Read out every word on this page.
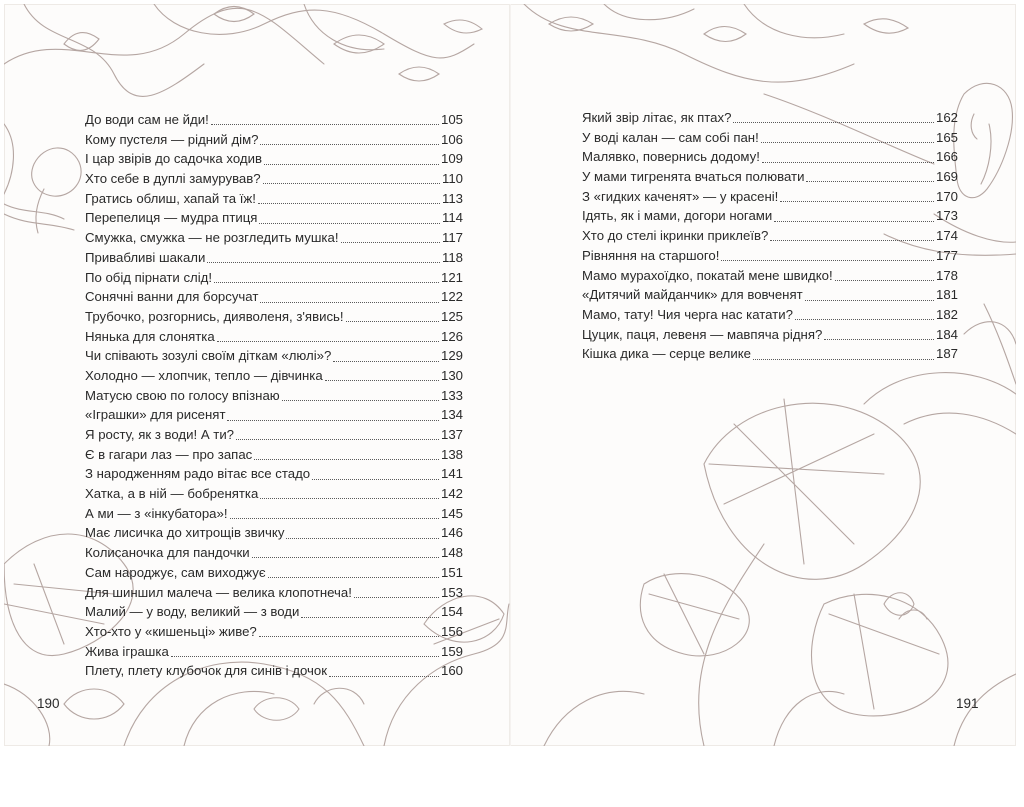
До води сам не йди!	105
Кому пустеля — рідний дім?	106
І цар звірів до садочка ходив	109
Хто себе в дуплі замурував?	110
Гратись облиш, хапай та їж!	113
Перепелиця — мудра птиця	114
Смужка, смужка — не розгледить мушка!	117
Привабливі шакали	118
По обід пірнати слід!	121
Сонячні ванни для борсучат	122
Трубочко, розгорнись, дияволеня, з'явись!	125
Нянька для слонятка	126
Чи співають зозулі своїм діткам «люлі»?	129
Холодно — хлопчик, тепло — дівчинка	130
Матусю свою по голосу впізнаю	133
«Іграшки» для рисенят	134
Я росту, як з води! А ти?	137
Є в гагари лаз — про запас	138
З народженням радо вітає все стадо	141
Хатка, а в ній — бобренятка	142
А ми — з «інкубатора»!	145
Має лисичка до хитрощів звичку	146
Колисаночка для пандочки	148
Сам народжує, сам виходжує	151
Для шиншил малеча — велика клопотнеча!	153
Малий — у воду, великий — з води	154
Хто-хто у «кишеньці» живе?	156
Жива іграшка	159
Плету, плету клубочок для синів і дочок	160
Який звір літає, як птах?	162
У воді калан — сам собі пан!	165
Малявко, повернись додому!	166
У мами тигренята вчаться полювати	169
З «гидких каченят» — у красені!	170
Ідять, як і мами, догори ногами	173
Хто до стелі ікринки приклеїв?	174
Рівняння на старшого!	177
Мамо мурахоїдко, покатай мене швидко!	178
«Дитячий майданчик» для вовченят	181
Мамо, тату! Чия черга нас катати?	182
Цуцик, паця, левеня — мавпяча рідня?	184
Кішка дика — серце велике	187
190	191
